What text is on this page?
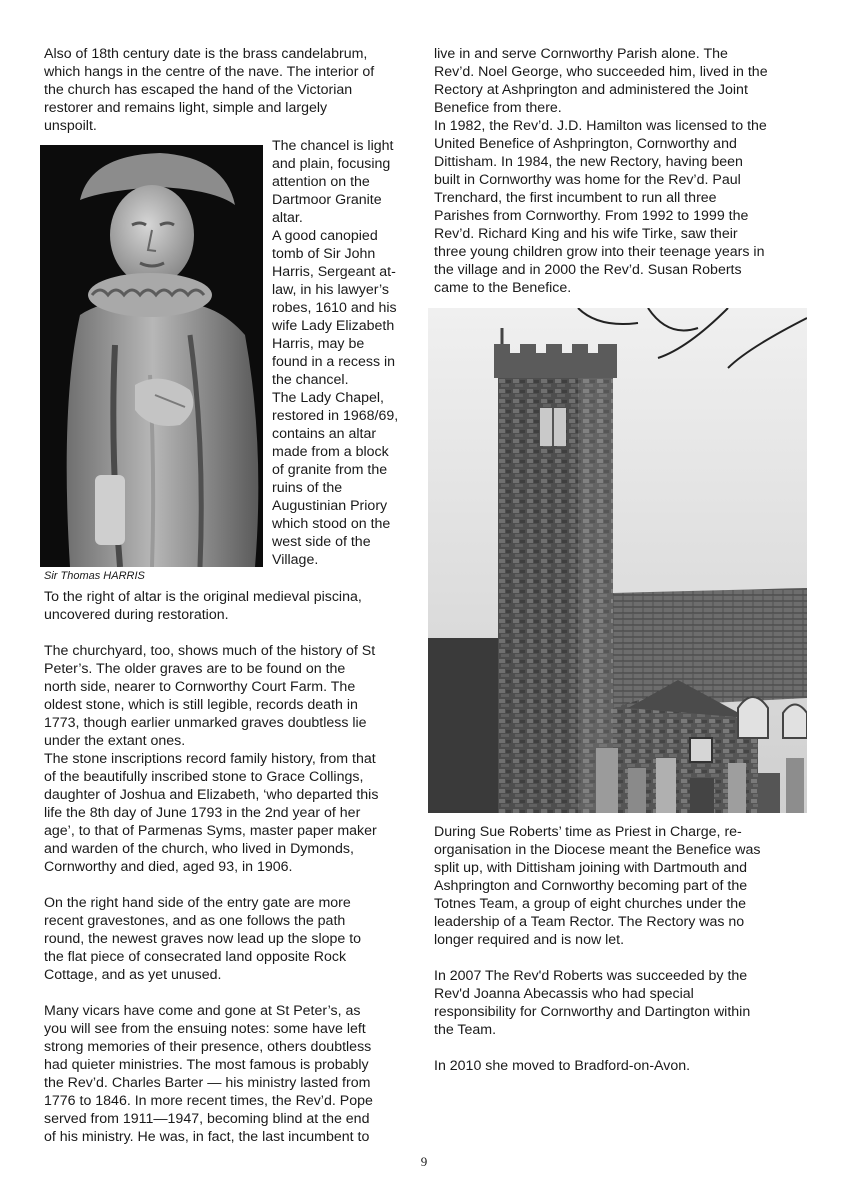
Also of 18th century date is the brass candelabrum,
which hangs in the centre of the nave. The interior of
the church has escaped the hand of the Victorian
restorer and remains light, simple and largely
unspoilt.

The chancel is light
and plain, focusing
attention on the
Dartmoor Granite
altar.

A good canopied
tomb of Sir John
Harris, Sergeant at-
law, in his lawyer’s
robes, 1610 and his
wife Lady Elizabeth
Harris, may be
found in a recess in
the chancel.

The Lady Chapel,
restored in 1968/69,
contains an altar
made from a block
of granite from the
ruins of the
Augustinian Priory
which stood on the
west side of the
Village.

Sir Thomas HARRIS

To the right of altar is the original medieval piscina,
uncovered during restoration.

The churchyard, too, shows much of the history of St
Peter’s. The older graves are to be found on the
north side, nearer to Cornworthy Court Farm. The
oldest stone, which is still legible, records death in
1773, though earlier unmarked graves doubtless lie
under the extant ones.

The stone inscriptions record family history, from that
of the beautifully inscribed stone to Grace Collings,
daughter of Joshua and Elizabeth, ‘who departed this
life the 8th day of June 1793 in the 2nd year of her
age’, to that of Parmenas Syms, master paper maker
and warden of the church, who lived in Dymonds,
Cornworthy and died, aged 93, in 1906.

On the right hand side of the entry gate are more
recent gravestones, and as one follows the path
round, the newest graves now lead up the slope to
the flat piece of consecrated land opposite Rock
Cottage, and as yet unused.

Many vicars have come and gone at St Peter’s, as
you will see from the ensuing notes: some have left
strong memories of their presence, others doubtless
had quieter ministries. The most famous is probably
the Rev’d. Charles Barter — his ministry lasted from
1776 to 1846. In more recent times, the Rev’d. Pope
served from 1911—1947, becoming blind at the end
of his ministry. He was, in fact, the last incumbent to

live in and serve Cornworthy Parish alone. The
Rev’d. Noel George, who succeeded him, lived in the
Rectory at Ashprington and administered the Joint
Benefice from there.

In 1982, the Rev’d. J.D. Hamilton was licensed to the
United Benefice of Ashprington, Cornworthy and
Dittisham. In 1984, the new Rectory, having been
built in Cornworthy was home for the Rev’d. Paul
Trenchard, the first incumbent to run all three
Parishes from Cornworthy. From 1992 to 1999 the
Rev’d. Richard King and his wife Tirke, saw their
three young children grow into their teenage years in
the village and in 2000 the Rev’d. Susan Roberts
came to the Benefice.

During Sue Roberts’ time as Priest in Charge, re-
organisation in the Diocese meant the Benefice was
split up, with Dittisham joining with Dartmouth and
Ashprington and Cornworthy becoming part of the
Totnes Team, a group of eight churches under the
leadership of a Team Rector. The Rectory was no
longer required and is now let.

In 2007 The Rev'd Roberts was succeeded by the
Rev'd Joanna Abecassis who had special
responsibility for Cornworthy and Dartington within
the Team.

In 2010 she moved to Bradford-on-Avon.

9
